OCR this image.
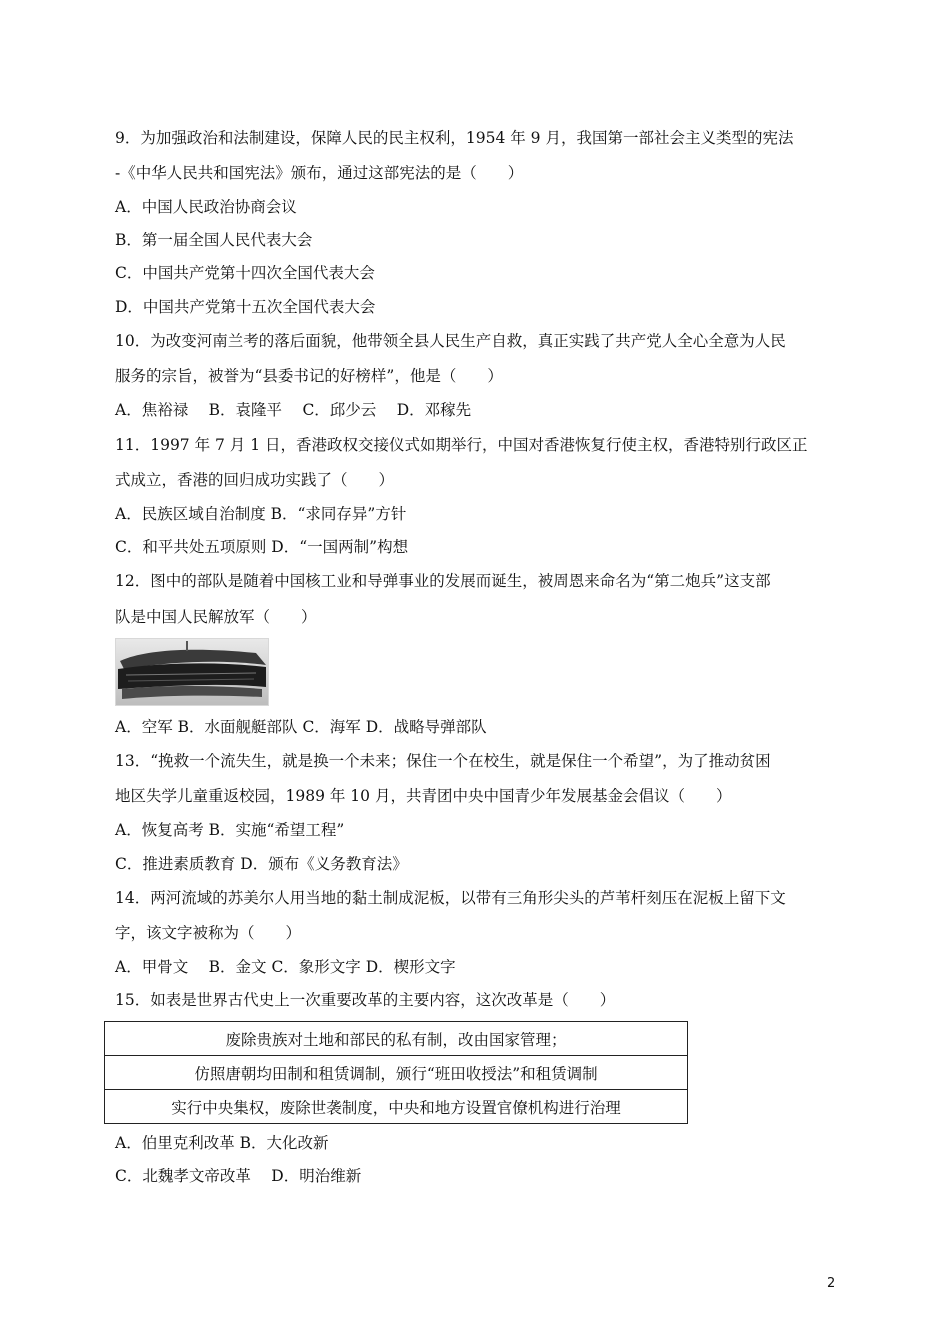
9．为加强政治和法制建设，保障人民的民主权利，1954 年 9 月，我国第一部社会主义类型的宪法
-《中华人民共和国宪法》颁布，通过这部宪法的是（　　）
A．中国人民政治协商会议
B．第一届全国人民代表大会
C．中国共产党第十四次全国代表大会
D．中国共产党第十五次全国代表大会
10．为改变河南兰考的落后面貌，他带领全县人民生产自救，真正实践了共产党人全心全意为人民
服务的宗旨，被誉为“县委书记的好榜样”，他是（　　）
A．焦裕禄　 B．袁隆平　 C．邱少云　 D．邓稼先
11．1997 年 7 月 1 日，香港政权交接仪式如期举行，中国对香港恢复行使主权，香港特别行政区正
式成立，香港的回归成功实践了（　　）
A．民族区域自治制度 B．“求同存异”方针
C．和平共处五项原则 D．“一国两制”构想
12．图中的部队是随着中国核工业和导弹事业的发展而诞生，被周恩来命名为“第二炮兵”这支部
队是中国人民解放军（　　）
A．空军 B．水面舰艇部队 C．海军 D．战略导弹部队
13．“挽救一个流失生，就是换一个未来；保住一个在校生，就是保住一个希望”，为了推动贫困
地区失学儿童重返校园，1989 年 10 月，共青团中央中国青少年发展基金会倡议（　　）
A．恢复高考 B．实施“希望工程”
C．推进素质教育 D．颁布《义务教育法》
14．两河流域的苏美尔人用当地的黏土制成泥板，以带有三角形尖头的芦苇杆刻压在泥板上留下文
字，该文字被称为（　　）
A．甲骨文　 B．金文 C．象形文字 D．楔形文字
15．如表是世界古代史上一次重要改革的主要内容，这次改革是（　　）
废除贵族对土地和部民的私有制，改由国家管理；
仿照唐朝均田制和租赁调制，颁行“班田收授法”和租赁调制
实行中央集权，废除世袭制度，中央和地方设置官僚机构进行治理
A．伯里克利改革 B．大化改新
C．北魏孝文帝改革　 D．明治维新
2
